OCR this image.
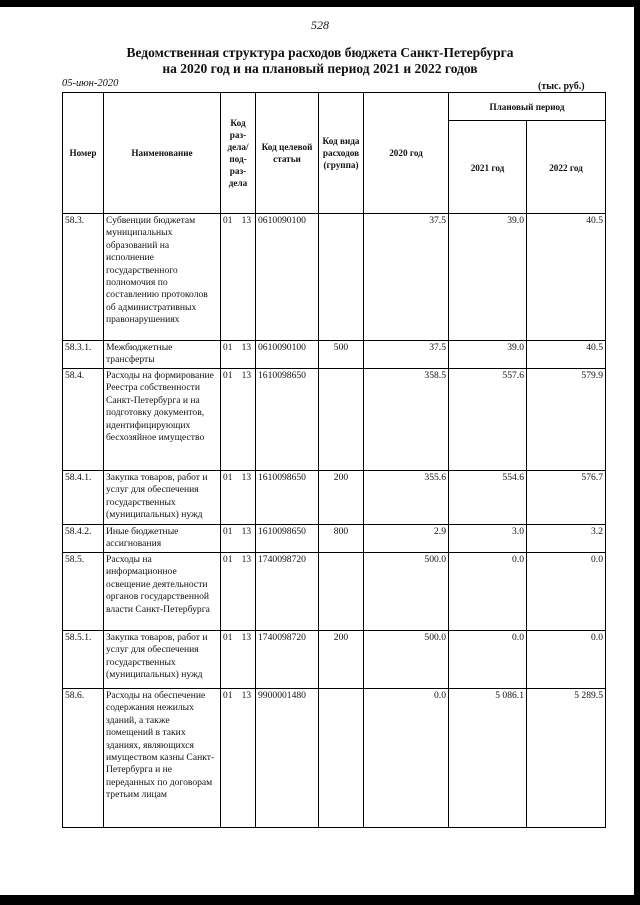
528
Ведомственная структура расходов бюджета Санкт-Петербурга
на 2020 год и на плановый период 2021 и 2022 годов
05-июн-2020	(тыс. руб.)
Номер	Наименование	Код раз- дела/ под- раз- дела	Код целевой статьи	Код вида расходов (группа)	2020 год	Плановый период	
						2021 год	2022 год
58.3.	Субвенции бюджетам муниципальных образований на исполнение государственного полномочия по составлению протоколов об административных правонарушениях	01 13	0610090100		37.5	39.0	40.5
58.3.1.	Межбюджетные трансферты	01 13	0610090100	500	37.5	39.0	40.5
58.4.	Расходы на формирование Реестра собственности Санкт-Петербурга и на подготовку документов, идентифицирующих бесхозяйное имущество	01 13	1610098650		358.5	557.6	579.9
58.4.1.	Закупка товаров, работ и услуг для обеспечения государственных (муниципальных) нужд	01 13	1610098650	200	355.6	554.6	576.7
58.4.2.	Иные бюджетные ассигнования	01 13	1610098650	800	2.9	3.0	3.2
58.5.	Расходы на информационное освещение деятельности органов государственной власти Санкт-Петербурга	01 13	1740098720		500.0	0.0	0.0
58.5.1.	Закупка товаров, работ и услуг для обеспечения государственных (муниципальных) нужд	01 13	1740098720	200	500.0	0.0	0.0
58.6.	Расходы на обеспечение содержания нежилых зданий, а также помещений в таких зданиях, являющихся имуществом казны Санкт-Петербурга и не переданных по договорам третьим лицам	01 13	9900001480		0.0	5 086.1	5 289.5
